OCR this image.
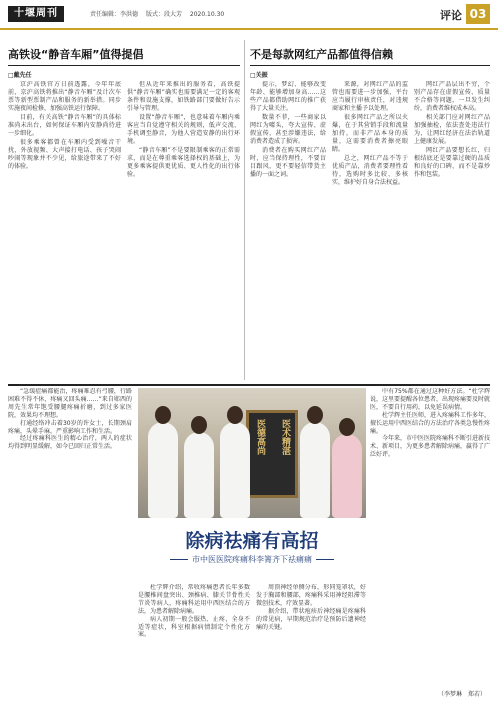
十堰周刊	责任编辑：李洪德 版式：段大芳 2020.10.30	评论 03
高铁设“静音车厢”值得提倡
□戴先任

京沪高铁官方日前透露，今年年底前，京沪高铁将推出“静音车厢”及计次车票等新型票制产品和服务的新举措。同步实施夜间检修，加强高铁运行保障。

目前，有关高铁“静音车厢”的具体标准尚未出台，如何保证车厢内安静尚待进一步细化。

很多乘客都曾在车厢内受到噪音干扰，外放视频、大声接打电话、孩子哭闹吵闹等现象并不少见，给旅途带来了不好的体验。

但从近年来推出的服务看，高铁提供“静音车厢”确实也需要满足一定的客观条件和设施支撑，如铁路部门要做好告示引导与管理。

设置“静音车厢”，也意味着车厢内乘客应当自觉遵守相关的规则，低声交流、手机调至静音，为他人营造安静的出行环境。

“静音车厢”不是要限制乘客的正常需求，而是在尊重乘客选择权的基础上，为更多乘客提供更优质、更人性化的出行体验。

不是每款网红产品都值得信赖
□关振

提示，梦幻、能够改变年龄、能够增加身高……这些产品都借助网红的推广获得了大量关注。

数量不菲，一些商家以网红为噱头，夸大宣传、虚假宣传，甚至涉嫌违法，给消费者造成了损害。

消费者在购买网红产品时，应当保持理性，不要盲目跟风，更不要轻信带货主播的一面之词。

来源，对网红产品的监管也需要进一步加强，平台应当履行审核责任，对违规商家和主播予以处理。

很多网红产品之所以火爆，在于其营销手段和流量加持，而非产品本身的质量，这需要消费者擦亮眼睛。

总之，网红产品不等于优质产品，消费者要理性看待，选购时多比较、多核实，维护好自身合法权益。

网红产品层出不穷，个别产品存在虚假宣传、质量不合格等问题，一旦发生纠纷，消费者维权成本高。

相关部门应对网红产品加强抽检，依法查处违法行为，让网红经济在法治轨道上健康发展。

网红产品要想长红，归根结底还是要靠过硬的品质和良好的口碑，而不是靠炒作和包装。

“急缓症痛都能治，疼痛难忍有弓腰，行路困难不得不休，疼痛又回头痛……”来自郧西的周先生常年饱受腰腿疼痛折磨，到过多家医院，效果均不理想。

打通经络冲击着30岁的许女士，长期颈肩疼痛，头晕手麻，严重影响工作和生活。

经过疼痛科医生的精心治疗，两人的症状均得到明显缓解，如今已回归正常生活。	医术精湛
医德高尚
除病祛痛有高招
市中医医院疼痛科李箐齐下祛痛痛

杜学辉介绍，常收疼痛患者长年多数是腰椎间盘突出、颈椎病、膝关节骨性关节炎等病人，疼痛科运用中西医结合的方法，为患者解除病痛。

病人初期一般会服热、止疼，全身不适等症状，科室根据病情制定个性化方案。

周顶神经单侧分布，形同笼罩状，好发于胸部和腰部，疼痛科采用神经阻滞等微创技术，疗效显著。

据介绍，带状疱疹后神经痛是疼痛科的常见病，早期规范治疗是预防后遗神经痛的关键。

中有75%都在通过这种好方法。“杜学辉说，这里要提醒各位患者，出现疼痛要及时就医，不要自行用药，以免延误病情。

杜学辉主任医师，进入疼痛科工作多年，擅长运用中西医结合的方法治疗各类急慢性疼痛。

今年来，市中医医院疼痛科不断引进新技术、新项目，为更多患者解除病痛，赢得了广泛好评。

（李梦琳　郑若）
